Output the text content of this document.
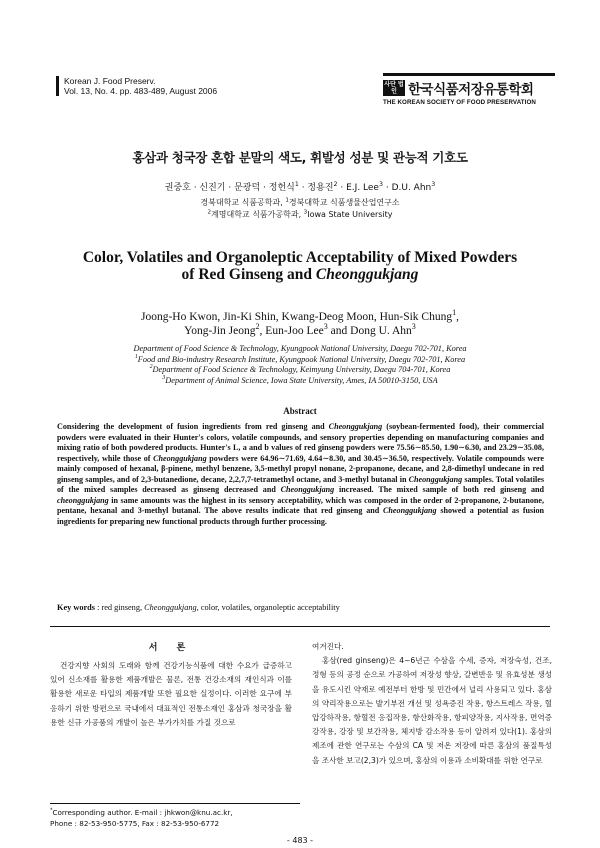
Korean J. Food Preserv.
Vol. 13, No. 4. pp. 483-489, August 2006
사단 법인 한국식품저장유통학회
THE KOREAN SOCIETY OF FOOD PRESERVATION
홍삼과 청국장 혼합 분말의 색도, 휘발성 성분 및 관능적 기호도
권중호 · 신진기 · 문광덕 · 정헌식$^1$ · 정용진$^2$ · E.J. Lee$^3$ · D.U. Ahn$^3$
경북대학교 식품공학과, $^1$경북대학교 식품생물산업연구소
$^2$계명대학교 식품가공학과, $^3$Iowa State University
Color, Volatiles and Organoleptic Acceptability of Mixed Powders
of Red Ginseng and Cheonggukjang
Joong-Ho Kwon, Jin-Ki Shin, Kwang-Deog Moon, Hun-Sik Chung$^1$,
Yong-Jin Jeong$^2$, Eun-Joo Lee$^3$ and Dong U. Ahn$^3$
Department of Food Science & Technology, Kyungpook National University, Daegu 702-701, Korea
$^1$Food and Bio-industry Research Institute, Kyungpook National University, Daegu 702-701, Korea
$^2$Department of Food Science & Technology, Keimyung University, Daegu 704-701, Korea
$^3$Department of Animal Science, Iowa State University, Ames, IA 50010-3150, USA
Abstract

Considering the development of fusion ingredients from red ginseng and Cheonggukjang (soybean-fermented food), their commercial powders were evaluated in their Hunter's colors, volatile compounds, and sensory properties depending on manufacturing companies and mixing ratio of both powdered products. Hunter's L, a and b values of red ginseng powders were 75.56∼85.50, 1.90∼6.30, and 23.29∼35.08, respectively, while those of Cheonggukjang powders were 64.96∼71.69, 4.64∼8.30, and 30.45∼36.50, respectively. Volatile compounds were mainly composed of hexanal, β-pinene, methyl benzene, 3,5-methyl propyl nonane, 2-propanone, decane, and 2,8-dimethyl undecane in red ginseng samples, and of 2,3-butanedione, decane, 2,2,7,7-tetramethyl octane, and 3-methyl butanal in Cheonggukjang samples. Total volatiles of the mixed samples decreased as ginseng decreased and Cheonggukjang increased. The mixed sample of both red ginseng and cheonggukjang in same amounts was the highest in its sensory acceptability, which was composed in the order of 2-propanone, 2-butanone, pentane, hexanal and 3-methyl butanal. The above results indicate that red ginseng and Cheonggukjang showed a potential as fusion ingredients for preparing new functional products through further processing.

Key words : red ginseng, Cheonggukjang, color, volatiles, organoleptic acceptability
서 론

건강지향 사회의 도래와 함께 건강기능식품에 대한 수요가 급증하고 있어 신소재를 활용한 제품개발은 물론, 전통 건강소재의 재인식과 이를 활용한 새로운 타입의 제품개발 또한 필요한 실정이다. 이러한 요구에 부응하기 위한 방편으로 국내에서 대표적인 전통소재인 홍삼과 청국장을 활용한 신규 가공품의 개발이 높은 부가가치를 가질 것으로

여겨진다.

홍삼(red ginseng)은 4∼6년근 수삼을 수세, 증자, 저장숙성, 건조, 정형 등의 공정 순으로 가공하여 저장성 향상, 갈변반응 및 유효성분 생성을 유도시킨 약재로 예전부터 한방 및 민간에서 널리 사용되고 있다. 홍삼의 약리작용으로는 발기부전 개선 및 성욕증진 작용, 항스트레스 작용, 혈압강하작용, 항혈전 응집작용, 항산화작용, 항피양작용, 지사작용, 면역증강작용, 강장 및 보간작용, 체지방 감소작용 등이 알려져 있다(1). 홍삼의 제조에 관한 연구로는 수삼의 CA 및 저온 저장에 따른 홍삼의 품질특성을 조사한 보고(2,3)가 있으며, 홍삼의 이용과 소비확대를 위한 연구로

*Corresponding author. E-mail : jhkwon@knu.ac.kr,
Phone : 82-53-950-5775, Fax : 82-53-950-6772
- 483 -
